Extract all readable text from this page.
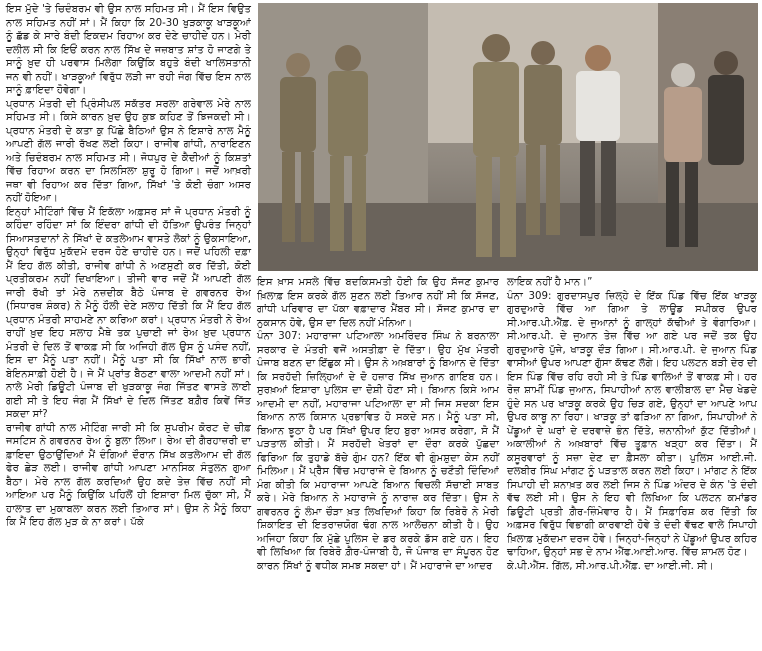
ਇਸ ਮੁੱਦੇ 'ਤੇ ਚਿਦੰਬਰਮ ਵੀ ਉਸ ਨਾਲ ਸਹਿਮਤ ਸੀ। ਮੈਂ ਇਸ ਵਿਉਤ ਨਾਲ ਸਹਿਮਤ ਨਹੀਂ ਸਾਂ। ਮੈਂ ਕਿਹਾ ਕਿ 20-30 ਖੁੜਕਾਕੂ ਖਾੜਕੂਆਂ ਨੂੰ ਛੱਡ ਕੇ ਸਾਰੇ ਬੰਦੀ ਇਕਦਮ ਰਿਹਾਅ ਕਰ ਦੇਣੇ ਚਾਹੀਦੇ ਹਨ। ਮੇਰੀ ਦਲੀਲ ਸੀ ਕਿ ਇਓਂ ਕਰਨ ਨਾਲ ਸਿੱਖ ਦੇ ਜਜ਼ਬਾਤ ਸ਼ਾਂਤ ਹੋ ਜਾਣਗੇ ਤੇ ਸਾਨੂੰ ਖ਼ੁਦ ਹੀ ਪਰਵਾਸ ਮਿਲੇਗਾ ਕਿਉਂਕਿ ਬਹੁਤੇ ਬੰਦੀ ਖਾਲਿਸਤਾਨੀ ਜਨ ਵੀ ਨਹੀਂ। ਖਾੜਕੂਆਂ ਵਿਰੁੱਧ ਲੜੀ ਜਾ ਰਹੀ ਜੰਗ ਵਿੱਚ ਇਸ ਨਾਲ ਸਾਨੂੰ ਫ਼ਾਇਦਾ ਹੋਵੇਗਾ।
ਪ੍ਰਧਾਨ ਮੰਤਰੀ ਦੀ ਪ੍ਰਿੰਸੀਪਲ ਸਕੱਤਰ ਸਰਲਾ ਗਰੇਵਾਲ ਮੇਰੇ ਨਾਲ ਸਹਿਮਤ ਸੀ। ਕਿਸੇ ਕਾਰਨ ਖ਼ੁਦ ਉਹ ਕੁਝ ਕਹਿਣ ਤੋਂ ਝਿਜਕਦੀ ਸੀ। ਪ੍ਰਧਾਨ ਮੰਤਰੀ ਦੇ ਕਤਾ ਕੁ ਪਿੱਛੇ ਬੈਠਿਆਂ ਉਸ ਨੇ ਇਸ਼ਾਰੇ ਨਾਲ ਮੈਨੂੰ ਆਪਣੀ ਗੱਲ ਜਾਰੀ ਰੱਖਣ ਲਈ ਕਿਹਾ। ਰਾਜੀਵ ਗਾਂਧੀ, ਨਾਰਾਇਣਨ ਅਤੇ ਚਿਦੰਬਰਮ ਨਾਲ ਸਹਿਮਤ ਸੀ। ਜੋਧਪੁਰ ਦੇ ਕੈਦੀਆਂ ਨੂੰ ਕਿਸ਼ਤਾਂ ਵਿੱਚ ਰਿਹਾਅ ਕਰਨ ਦਾ ਸਿਲਸਿਲਾ ਸ਼ੁਰੂ ਹੋ ਗਿਆ। ਜਦੋਂ ਆਖ਼ਰੀ ਜਥਾ ਵੀ ਰਿਹਾਅ ਕਰ ਦਿੱਤਾ ਗਿਆ, ਸਿੱਖਾਂ 'ਤੇ ਕੋਈ ਚੰਗਾ ਅਸਰ ਨਹੀਂ ਹੋਇਆ।
ਇਨ੍ਹਾਂ ਮੀਟਿੰਗਾਂ ਵਿੱਚ ਮੈਂ ਇਕੱਲਾ ਅਫ਼ਸਰ ਸਾਂ ਜੋ ਪ੍ਰਧਾਨ ਮੰਤਰੀ ਨੂੰ ਕਹਿੰਦਾ ਰਹਿੰਦਾ ਸਾਂ ਕਿ ਇੰਦਰਾ ਗਾਂਧੀ ਦੀ ਹੱਤਿਆ ਉਪਰੰਤ ਜਿਨ੍ਹਾਂ ਸਿਆਸਤਦਾਨਾਂ ਨੇ ਸਿੱਖਾਂ ਦੇ ਕਤਲੇਆਮ ਵਾਸਤੇ ਲੋਕਾਂ ਨੂੰ ਉਕਸਾਇਆ, ਉਨ੍ਹਾਂ ਵਿਰੁੱਧ ਮੁਕੱਦਮੇ ਦਰਜ ਹੋਣੇ ਚਾਹੀਦੇ ਹਨ। ਜਦੋਂ ਪਹਿਲੀ ਦਫ਼ਾ ਮੈਂ ਇਹ ਗੱਲ ਕੀਤੀ, ਰਾਜੀਵ ਗਾਂਧੀ ਨੇ ਅਣਸੁਣੀ ਕਰ ਦਿੱਤੀ, ਕੋਈ ਪ੍ਰਤੀਕਰਮ ਨਹੀਂ ਦਿਖਾਇਆ। ਤੀਜੀ ਵਾਰ ਜਦੋਂ ਮੈਂ ਆਪਣੀ ਗੱਲ ਜਾਰੀ ਰੱਖੀ ਤਾਂ ਮੇਰੇ ਨਜ਼ਦੀਕ ਬੈਠੇ ਪੰਜਾਬ ਦੇ ਗਵਰਨਰ ਰੇਅ (ਸਿਧਾਰਥ ਸ਼ੰਕਰ) ਨੇ ਮੈਨੂੰ ਹੌਲੀ ਦੇਣੇ ਸਲਾਹ ਦਿੱਤੀ ਕਿ ਮੈਂ ਇਹ ਗੱਲ ਪ੍ਰਧਾਨ ਮੰਤਰੀ ਸਾਹਮਣੇ ਨਾ ਕਰਿਆ ਕਰਾਂ। ਪ੍ਰਧਾਨ ਮੰਤਰੀ ਨੇ ਰੇਅ ਰਾਹੀਂ ਖ਼ੁਦ ਇਹ ਸਲਾਹ ਮੈਥੇ ਤਕ ਪੁਚਾਈ ਜਾਂ ਰੇਅ ਖ਼ੁਦ ਪ੍ਰਧਾਨ ਮੰਤਰੀ ਦੇ ਦਿਲ ਤੋਂ ਵਾਕਫ਼ ਸੀ ਕਿ ਅਜਿਹੀ ਗੱਲ ਉਸ ਨੂੰ ਪਸੰਦ ਨਹੀਂ, ਇਸ ਦਾ ਮੈਨੂੰ ਪਤਾ ਨਹੀਂ। ਮੈਨੂੰ ਪਤਾ ਸੀ ਕਿ ਸਿੱਖਾਂ ਨਾਲ ਭਾਰੀ ਬੇਇਨਸਾਫ਼ੀ ਹੋਈ ਹੈ। ਜੇ ਮੈਂ ਪ੍ਰਾਂਤ ਬੈਠਣਾ ਵਾਲਾ ਆਦਮੀ ਨਹੀਂ ਸਾਂ। ਨਾਲੇ ਮੇਰੀ ਡਿਊਟੀ ਪੰਜਾਬ ਦੀ ਖੁੜਕਾਕੂ ਜੰਗ ਜਿੱਤਣ ਵਾਸਤੇ ਲਾਈ ਗਈ ਸੀ ਤੇ ਇਹ ਜੰਗ ਮੈਂ ਸਿੱਖਾਂ ਦੇ ਦਿਲ ਜਿੱਤਣ ਬਗ਼ੈਰ ਕਿਵੇਂ ਜਿੱਤ ਸਕਦਾ ਸਾਂ?
ਰਾਜੀਵ ਗਾਂਧੀ ਨਾਲ ਮੀਟਿੰਗ ਜਾਰੀ ਸੀ ਕਿ ਸੁਪਰੀਮ ਕੋਰਟ ਦੇ ਚੀਫ਼ ਜਸਟਿਸ ਨੇ ਗਵਰਨਰ ਰੇਅ ਨੂੰ ਬੁਲਾ ਲਿਆ। ਰੇਅ ਦੀ ਗੈਰਹਾਜ਼ਰੀ ਦਾ ਫ਼ਾਇਦਾ ਉਠਾਉਂਦਿਆਂ ਮੈਂ ਦੰਗਿਆਂ ਦੌਰਾਨ ਸਿੱਖ ਕਤਲੇਆਮ ਦੀ ਗੱਲ ਫੇਰ ਛੇੜ ਲਈ। ਰਾਜੀਵ ਗਾਂਧੀ ਆਪਣਾ ਮਾਨਸਿਕ ਸੰਤੁਲਨ ਗੁਆ ਬੈਠਾ। ਮੇਰੇ ਨਾਲ ਗੱਲ ਕਰਦਿਆਂ ਉਹ ਕਦੇ ਤੇਜ਼ ਵਿੱਚ ਨਹੀਂ ਸੀ ਆਇਆ ਪਰ ਮੈਨੂੰ ਕਿਉਂਕਿ ਪਹਿਲੋਂ ਹੀ ਇਸ਼ਾਰਾ ਮਿਲ ਚੁੱਕਾ ਸੀ, ਮੈਂ ਹਾਲਾਤ ਦਾ ਮੁਕਾਬਲਾ ਕਰਨ ਲਈ ਤਿਆਰ ਸਾਂ। ਉਸ ਨੇ ਮੈਨੂੰ ਕਿਹਾ ਕਿ ਮੈਂ ਇਹ ਗੱਲ ਮੁੜ ਕੇ ਨਾ ਕਰਾਂ। ਪੱਕੇ

ਇਸ ਖ਼ਾਸ ਮਸਲੇ ਵਿੱਚ ਬਦਕਿਸਮਤੀ ਹੋਈ ਕਿ ਉਹ ਸੱਜਣ ਕੁਮਾਰ ਖ਼ਿਲਾਫ਼ ਇਸ ਕਰਕੇ ਗੱਲ ਸੁਣਨ ਲਈ ਤਿਆਰ ਨਹੀਂ ਸੀ ਕਿ ਸੱਜਣ, ਗਾਂਧੀ ਪਰਿਵਾਰ ਦਾ ਪੱਕਾ ਵਫ਼ਾਦਾਰ ਮੈਂਬਰ ਸੀ। ਸੱਜਣ ਕੁਮਾਰ ਦਾ ਨੁਕਸਾਨ ਹੋਵੇ, ਉਸ ਦਾ ਦਿਲ ਨਹੀਂ ਮੰਨਿਆ।
ਪੰਨਾ 307: ਮਹਾਰਾਜਾ ਪਟਿਆਲਾ ਅਮਰਿੰਦਰ ਸਿੰਘ ਨੇ ਬਰਨਾਲਾ ਸਰਕਾਰ ਦੇ ਮੰਤਰੀ ਵਜੋਂ ਅਸਤੀਫ਼ਾ ਦੇ ਦਿੱਤਾ। ਉਹ ਮੁੱਖ ਮੰਤਰੀ ਪੰਜਾਬ ਬਣਨ ਦਾ ਇੱਛੁਕ ਸੀ। ਉਸ ਨੇ ਅਖ਼ਬਾਰਾਂ ਨੂੰ ਬਿਆਨ ਦੇ ਦਿੱਤਾ ਕਿ ਸਰਹੱਦੀ ਜ਼ਿਲ੍ਹਿਆਂ ਦੇ ਦੋ ਹਜ਼ਾਰ ਸਿੱਖ ਜੁਆਨ ਗਾਇਬ ਹਨ। ਸੁਰਖ਼ਆਂ ਇਸ਼ਾਰਾ ਪੁਲਿਸ ਦਾ ਦੋਸ਼ੀ ਹੋਣਾ ਸੀ। ਬਿਆਨ ਕਿਸੇ ਆਮ ਆਦਮੀ ਦਾ ਨਹੀਂ, ਮਹਾਰਾਜਾ ਪਟਿਆਲਾ ਦਾ ਸੀ ਜਿਸ ਸਦਕਾ ਇਸ ਬਿਆਨ ਨਾਲ ਕਿਸਾਨ ਪ੍ਰਭਾਵਿਤ ਹੋ ਸਕਦੇ ਸਨ। ਮੈਨੂੰ ਪਤਾ ਸੀ, ਬਿਆਨ ਝੂਠਾ ਹੈ ਪਰ ਸਿੱਖਾਂ ਉਪਰ ਇਹ ਬੁਰਾ ਅਸਰ ਕਰੇਗਾ, ਸੋ ਮੈਂ ਪੜਤਾਲ ਕੀਤੀ। ਮੈਂ ਸਰਹੱਦੀ ਖੇਤਰਾਂ ਦਾ ਦੌਰਾ ਕਰਕੇ ਪੁੱਛਦਾ ਫਿਰਿਆ ਕਿ ਤੁਹਾਡੇ ਬੱਚੇ ਗੁੰਮ ਹਨ? ਇੱਕ ਵੀ ਗੁੰਮਸ਼ੁਦਾ ਕੇਸ ਨਹੀਂ ਮਿਲਿਆ। ਮੈਂ ਪ੍ਰੈੱਸ ਵਿੱਚ ਮਹਾਰਾਜੇ ਦੇ ਬਿਆਨ ਨੂੰ ਚਣੌਤੀ ਦਿੰਦਿਆਂ ਮੰਗ ਕੀਤੀ ਕਿ ਮਹਾਰਾਜਾ ਆਪਣੇ ਬਿਆਨ ਵਿਚਲੀ ਸੱਚਾਈ ਸਾਬਤ ਕਰੇ। ਮੇਰੇ ਬਿਆਨ ਨੇ ਮਹਾਰਾਜੇ ਨੂੰ ਨਾਰਾਜ਼ ਕਰ ਦਿੱਤਾ। ਉਸ ਨੇ ਗਵਰਨਰ ਨੂੰ ਲੰਮਾ ਚੌੜਾ ਖ਼ਤ ਲਿਖਦਿਆਂ ਕਿਹਾ ਕਿ ਰਿਬੇਰੋ ਨੇ ਮੇਰੀ ਸ਼ਿਕਾਇਤ ਦੀ ਇਤਰਾਜ਼ਯੋਗ ਢੰਗ ਨਾਲ ਆਲੋਚਨਾ ਕੀਤੀ ਹੈ। ਉਹ ਅਜਿਹਾ ਕਿਹਾ ਕਿ ਮੁੱਛੇ ਪੁਲਿਸ ਦੇ ਡਰ ਕਰਕੇ ਡੱਸ ਗਏ ਹਨ। ਇਹ ਵੀ ਲਿਖਿਆ ਕਿ ਰਿਬੇਰੋ ਗ਼ੈਰ-ਪੰਜਾਬੀ ਹੈ, ਜੋ ਪੰਜਾਬ ਦਾ ਸੰਪੂਰਨ ਹੋਣ ਕਾਰਨ ਸਿੱਖਾਂ ਨੂੰ ਵਧੀਕ ਸਮਝ ਸਕਦਾ ਹਾਂ। ਮੈਂ ਮਹਾਰਾਜੇ ਦਾ ਆਦਰ

ਲਾਇਕ ਨਹੀਂ ਹੈ ਮਾਨ।”
ਪੰਨਾ 309: ਗੁਰਦਾਸਪੁਰ ਜ਼ਿਲ੍ਹੇ ਦੇ ਇੱਕ ਪਿੰਡ ਵਿੱਚ ਇੱਕ ਖਾੜਕੂ ਗੁਰਦੁਆਰੇ ਵਿੱਚ ਆ ਗਿਆ ਤੇ ਲਾਊਡ ਸਪੀਕਰ ਉਪਰ ਸੀ.ਆਰ.ਪੀ.ਐੱਫ਼. ਦੇ ਜੁਆਨਾਂ ਨੂੰ ਗਾਲ੍ਹਾਂ ਕੱਢੀਆਂ ਤੇ ਵੰਗਾਰਿਆ। ਸੀ.ਆਰ.ਪੀ. ਦੇ ਜੁਆਨ ਤੇਜ਼ ਵਿੱਚ ਆ ਗਏ ਪਰ ਜਦੋਂ ਤਕ ਉਹ ਗੁਰਦੁਆਰੇ ਪੁੱਜੇ, ਖਾੜਕੂ ਦੌੜ ਗਿਆ। ਸੀ.ਆਰ.ਪੀ. ਦੇ ਜੁਆਨ ਪਿੰਡ ਵਾਸੀਆਂ ਉਪਰ ਆਪਣਾ ਗੁੱਸਾ ਕੱਢਣ ਲੱਗੇ। ਇਹ ਪਲਟਨ ਬੜੀ ਦੇਰ ਦੀ ਇਸ ਪਿੰਡ ਵਿੱਚ ਰਹਿ ਰਹੀ ਸੀ ਤੇ ਪਿੰਡ ਵਾਲਿਆਂ ਤੋਂ ਵਾਕਫ਼ ਸੀ। ਹਰ ਰੋਜ਼ ਸ਼ਾਮੀਂ ਪਿੰਡ ਜੁਆਨ, ਸਿਪਾਹੀਆਂ ਨਾਲ ਵਾਲੀਬਾਲ ਦਾ ਮੈਚ ਖੇਡਦੇ ਹੁੰਦੇ ਸਨ ਪਰ ਖਾੜਕੂ ਕਰਕੇ ਉਹ ਚਿੜ ਗਏ, ਉਨ੍ਹਾਂ ਦਾ ਆਪਣੇ ਆਪ ਉਪਰ ਕਾਬੂ ਨਾ ਰਿਹਾ। ਖਾੜਕੂ ਤਾਂ ਫੜਿਆ ਨਾ ਗਿਆ, ਸਿਪਾਹੀਆਂ ਨੇ ਪੇਂਡੂਆਂ ਦੇ ਘਰਾਂ ਦੇ ਦਰਵਾਜ਼ੇ ਭੰਨ ਦਿੱਤੇ, ਜ਼ਨਾਨੀਆਂ ਕੁੱਟ ਦਿੱਤੀਆਂ। ਅਕਾਲੀਆਂ ਨੇ ਅਖ਼ਬਾਰਾਂ ਵਿੱਚ ਤੂਫ਼ਾਨ ਖੜ੍ਹਾ ਕਰ ਦਿੱਤਾ। ਮੈਂ ਕਸੂਰਵਾਰਾਂ ਨੂੰ ਸਜ਼ਾ ਦੇਣ ਦਾ ਫ਼ੈਸਲਾ ਕੀਤਾ। ਪੁਲਿਸ ਆਈ.ਜੀ. ਦਲਬੀਰ ਸਿੰਘ ਮਾਂਗਟ ਨੂੰ ਪੜਤਾਲ ਕਰਨ ਲਈ ਕਿਹਾ। ਮਾਂਗਟ ਨੇ ਇੱਕ ਸਿਪਾਹੀ ਦੀ ਸ਼ਨਾਖ਼ਤ ਕਰ ਲਈ ਜਿਸ ਨੇ ਪਿੰਡ ਅੰਦਰ ਦੇ ਕੰਨ 'ਤੇ ਦੰਦੀ ਵੱਢ ਲਈ ਸੀ। ਉਸ ਨੇ ਇਹ ਵੀ ਲਿਖਿਆ ਕਿ ਪਲਟਨ ਕਮਾਂਡਰ ਡਿਊਟੀ ਪ੍ਰਤੀ ਗ਼ੈਰ-ਜ਼ਿੰਮੇਵਾਰ ਹੈ। ਮੈਂ ਸਿਫ਼ਾਰਿਸ਼ ਕਰ ਦਿੱਤੀ ਕਿ ਅਫ਼ਸਰ ਵਿਰੁੱਧ ਵਿਭਾਗੀ ਕਾਰਵਾਈ ਹੋਵੇ ਤੇ ਦੰਦੀ ਵੱਢਣ ਵਾਲੇ ਸਿਪਾਹੀ ਖ਼ਿਲਾਫ਼ ਮੁਕੱਦਮਾ ਦਰਜ ਹੋਵੇ। ਜਿਨ੍ਹਾਂ-ਜਿਨ੍ਹਾਂ ਨੇ ਪੇਂਡੂਆਂ ਉਪਰ ਕਹਿਰ ਢਾਹਿਆ, ਉਨ੍ਹਾਂ ਸਭ ਦੇ ਨਾਮ ਐੱਫ.ਆਈ.ਆਰ. ਵਿੱਚ ਸ਼ਾਮਲ ਹੋਣ।
ਕੇ.ਪੀ.ਐੱਸ. ਗਿੱਲ, ਸੀ.ਆਰ.ਪੀ.ਐੱਫ਼. ਦਾ ਆਈ.ਜੀ. ਸੀ।
